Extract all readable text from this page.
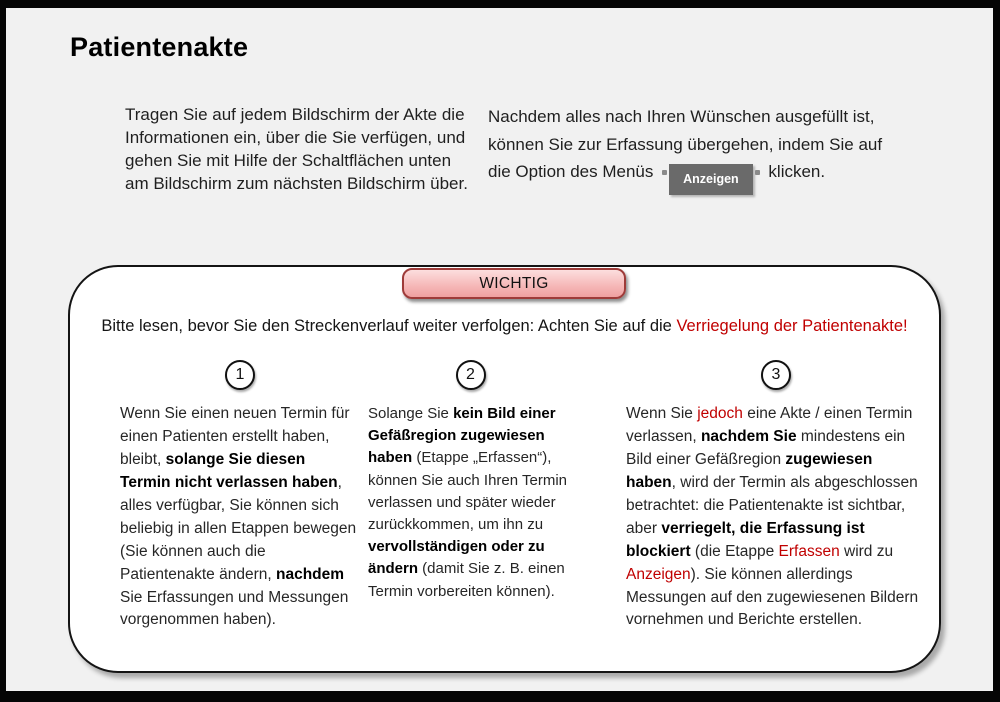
Patientenakte

Tragen Sie auf jedem Bildschirm der Akte die Informationen ein, über die Sie verfügen, und gehen Sie mit Hilfe der Schaltflächen unten am Bildschirm zum nächsten Bildschirm über.

Nachdem alles nach Ihren Wünschen ausgefüllt ist, können Sie zur Erfassung übergehen, indem Sie auf die Option des Menüs Anzeigen klicken.

Bitte lesen, bevor Sie den Streckenverlauf weiter verfolgen: Achten Sie auf die Verriegelung der Patientenakte!
1
Wenn Sie einen neuen Termin für einen Patienten erstellt haben, bleibt, solange Sie diesen Termin nicht verlassen haben, alles verfügbar, Sie können sich beliebig in allen Etappen bewegen (Sie können auch die Patientenakte ändern, nachdem Sie Erfassungen und Messungen vorgenommen haben).
2
Solange Sie kein Bild einer Gefäßregion zugewiesen haben (Etappe „Erfassen“), können Sie auch Ihren Termin verlassen und später wieder zurückkommen, um ihn zu vervollständigen oder zu ändern (damit Sie z. B. einen Termin vorbereiten können).
3
Wenn Sie jedoch eine Akte / einen Termin verlassen, nachdem Sie mindestens ein Bild einer Gefäßregion zugewiesen haben, wird der Termin als abgeschlossen betrachtet: die Patientenakte ist sichtbar, aber verriegelt, die Erfassung ist blockiert (die Etappe Erfassen wird zu Anzeigen). Sie können allerdings Messungen auf den zugewiesenen Bildern vornehmen und Berichte erstellen.
WICHTIG
